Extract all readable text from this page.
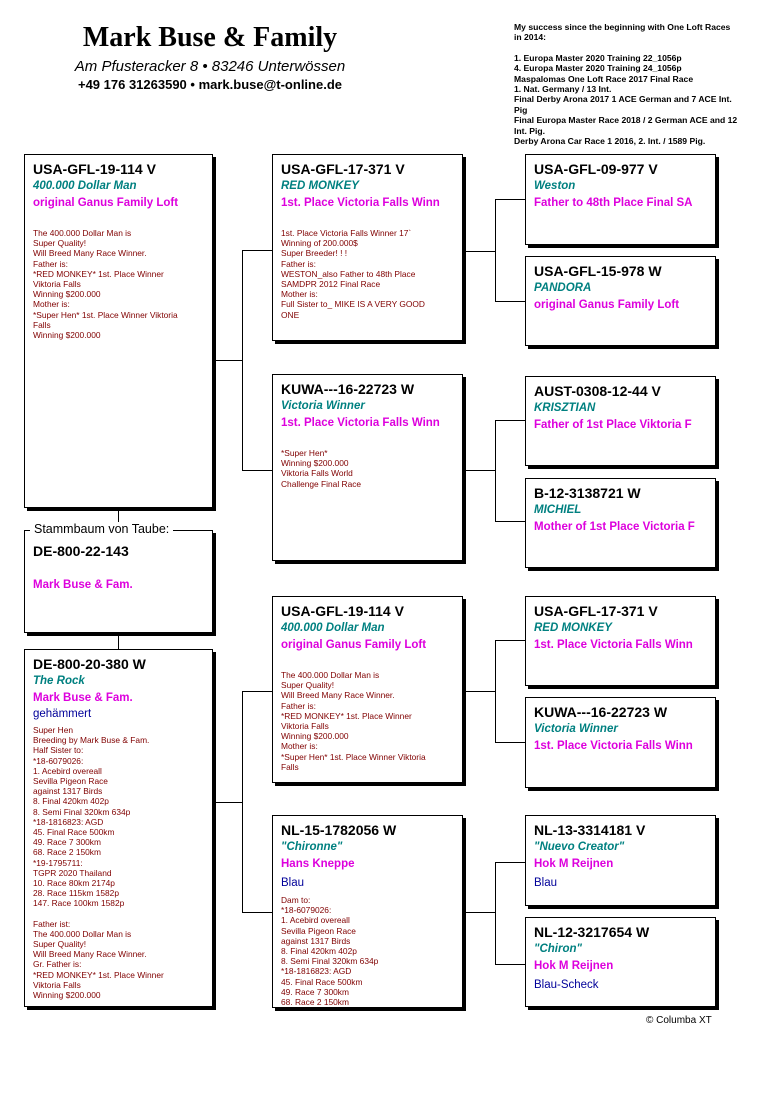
Mark Buse & Family
Am Pfusteracker 8 • 83246 Unterwössen
+49 176 31263590 • mark.buse@t-online.de
My success since the beginning with One Loft Races in 2014:
1. Europa Master 2020 Training 22_1056p
4. Europa Master 2020 Training 24_1056p
Maspalomas One Loft Race 2017 Final Race
1. Nat. Germany / 13 Int.
Final Derby Arona 2017 1 ACE German and 7 ACE Int. Pig
Final Europa Master Race 2018 / 2 German ACE and 12 Int. Pig.
Derby Arona Car Race 1 2016, 2. Int. / 1589 Pig.
USA-GFL-19-114 V
400.000 Dollar Man
original Ganus Family Loft
The 400.000 Dollar Man is
Super Quality!
Will Breed Many Race Winner.
Father is:
*RED MONKEY* 1st. Place Winner
Viktoria Falls
Winning $200.000
Mother is:
*Super Hen* 1st. Place Winner Viktoria
Falls
Winning $200.000
DE-800-22-143
Mark Buse & Fam.
Stammbaum von Taube:
DE-800-20-380 W
The Rock
Mark Buse & Fam.
gehämmert
Super Hen
Breeding by Mark Buse & Fam.
Half Sister to:
*18-6079026:
1. Acebird overeall
Sevilla Pigeon Race
against 1317 Birds
8. Final 420km 402p
8. Semi Final 320km 634p
*18-1816823: AGD
45. Final Race 500km
49. Race 7 300km
68. Race 2 150km
*19-1795711:
TGPR 2020 Thailand
10. Race 80km 2174p
28. Race 115km 1582p
147. Race 100km 1582p
Father ist:
The 400.000 Dollar Man is
Super Quality!
Will Breed Many Race Winner.
Gr. Father is:
*RED MONKEY* 1st. Place Winner
Viktoria Falls
Winning $200.000
USA-GFL-17-371 V
RED MONKEY
1st. Place Victoria Falls Winn
1st. Place Victoria Falls Winner 17`
Winning of 200.000$
Super Breeder! ! !
Father is:
WESTON_also Father to 48th Place
SAMDPR 2012 Final Race
Mother is:
Full Sister to_ MIKE IS A VERY GOOD
ONE
KUWA---16-22723 W
Victoria Winner
1st. Place Victoria Falls Winn
*Super Hen*
Winning $200.000
Viktoria Falls World
Challenge Final Race
USA-GFL-19-114 V
400.000 Dollar Man
original Ganus Family Loft
The 400.000 Dollar Man is
Super Quality!
Will Breed Many Race Winner.
Father is:
*RED MONKEY* 1st. Place Winner
Viktoria Falls
Winning $200.000
Mother is:
*Super Hen* 1st. Place Winner Viktoria
Falls
NL-15-1782056 W
"Chironne"
Hans Kneppe
Blau
Dam to:
*18-6079026:
1. Acebird overeall
Sevilla Pigeon Race
against 1317 Birds
8. Final 420km 402p
8. Semi Final 320km 634p
*18-1816823: AGD
45. Final Race 500km
49. Race 7 300km
68. Race 2 150km
USA-GFL-09-977 V
Weston
Father to 48th Place Final SA
USA-GFL-15-978 W
PANDORA
original Ganus Family Loft
AUST-0308-12-44 V
KRISZTIAN
Father of 1st Place Viktoria F
B-12-3138721 W
MICHIEL
Mother of 1st Place Victoria F
USA-GFL-17-371 V
RED MONKEY
1st. Place Victoria Falls Winn
KUWA---16-22723 W
Victoria Winner
1st. Place Victoria Falls Winn
NL-13-3314181 V
"Nuevo Creator"
Hok M Reijnen
Blau
NL-12-3217654 W
"Chiron"
Hok M Reijnen
Blau-Scheck
© Columba XT
